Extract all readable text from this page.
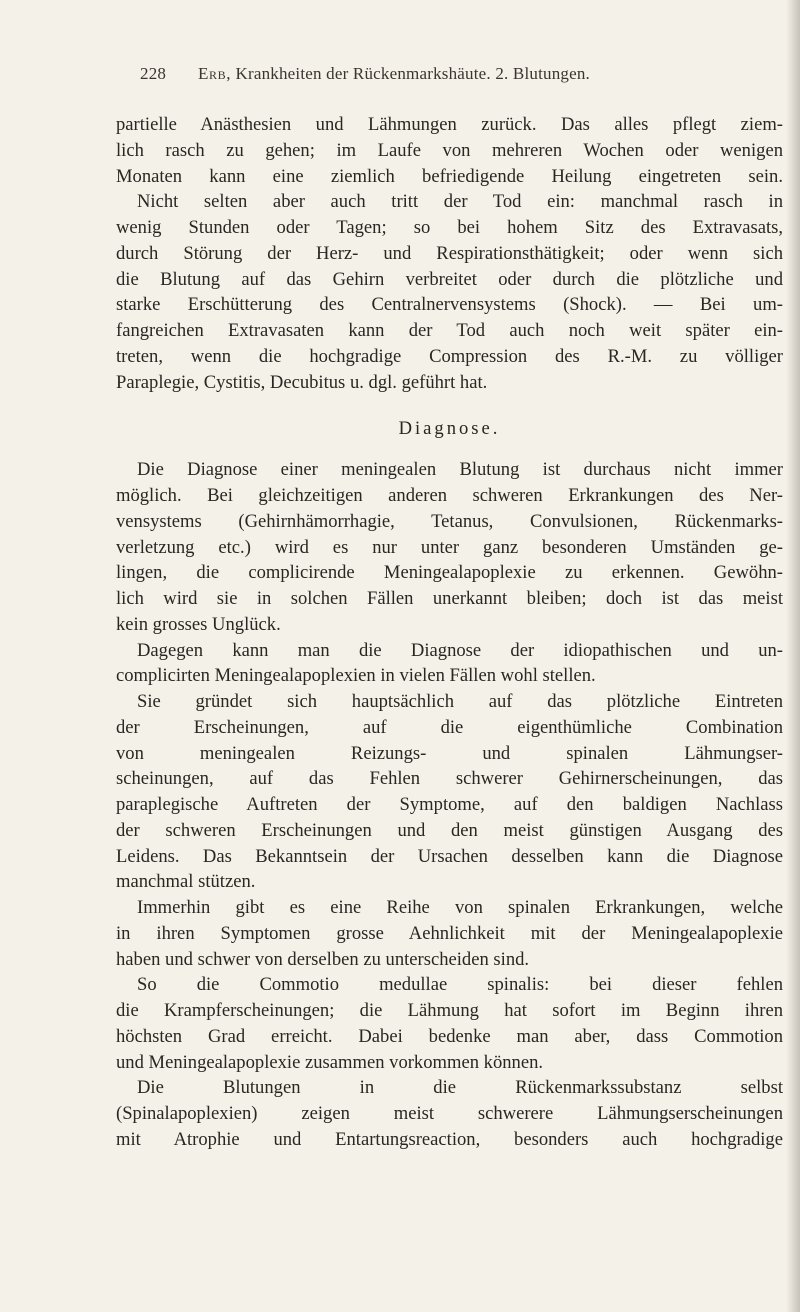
228 Erb, Krankheiten der Rückenmarkshäute. 2. Blutungen.
partielle Anästhesien und Lähmungen zurück. Das alles pflegt ziem-
lich rasch zu gehen; im Laufe von mehreren Wochen oder wenigen
Monaten kann eine ziemlich befriedigende Heilung eingetreten sein.
Nicht selten aber auch tritt der Tod ein: manchmal rasch in
wenig Stunden oder Tagen; so bei hohem Sitz des Extravasats,
durch Störung der Herz- und Respirationsthätigkeit; oder wenn sich
die Blutung auf das Gehirn verbreitet oder durch die plötzliche und
starke Erschütterung des Centralnervensystems (Shock). — Bei um-
fangreichen Extravasaten kann der Tod auch noch weit später ein-
treten, wenn die hochgradige Compression des R.-M. zu völliger
Paraplegie, Cystitis, Decubitus u. dgl. geführt hat.
Diagnose.
Die Diagnose einer meningealen Blutung ist durchaus nicht immer
möglich. Bei gleichzeitigen anderen schweren Erkrankungen des Ner-
vensystems (Gehirnhämorrhagie, Tetanus, Convulsionen, Rückenmarks-
verletzung etc.) wird es nur unter ganz besonderen Umständen ge-
lingen, die complicirende Meningealapoplexie zu erkennen. Gewöhn-
lich wird sie in solchen Fällen unerkannt bleiben; doch ist das meist
kein grosses Unglück.
Dagegen kann man die Diagnose der idiopathischen und un-
complicirten Meningealapoplexien in vielen Fällen wohl stellen.
Sie gründet sich hauptsächlich auf das plötzliche Eintreten
der Erscheinungen, auf die eigenthümliche Combination
von meningealen Reizungs- und spinalen Lähmungser-
scheinungen, auf das Fehlen schwerer Gehirnerscheinungen, das
paraplegische Auftreten der Symptome, auf den baldigen Nachlass
der schweren Erscheinungen und den meist günstigen Ausgang des
Leidens. Das Bekanntsein der Ursachen desselben kann die Diagnose
manchmal stützen.
Immerhin gibt es eine Reihe von spinalen Erkrankungen, welche
in ihren Symptomen grosse Aehnlichkeit mit der Meningealapoplexie
haben und schwer von derselben zu unterscheiden sind.
So die Commotio medullae spinalis: bei dieser fehlen
die Krampferscheinungen; die Lähmung hat sofort im Beginn ihren
höchsten Grad erreicht. Dabei bedenke man aber, dass Commotion
und Meningealapoplexie zusammen vorkommen können.
Die Blutungen in die Rückenmarkssubstanz selbst
(Spinalapoplexien) zeigen meist schwerere Lähmungserscheinungen
mit Atrophie und Entartungsreaction, besonders auch hochgradige
